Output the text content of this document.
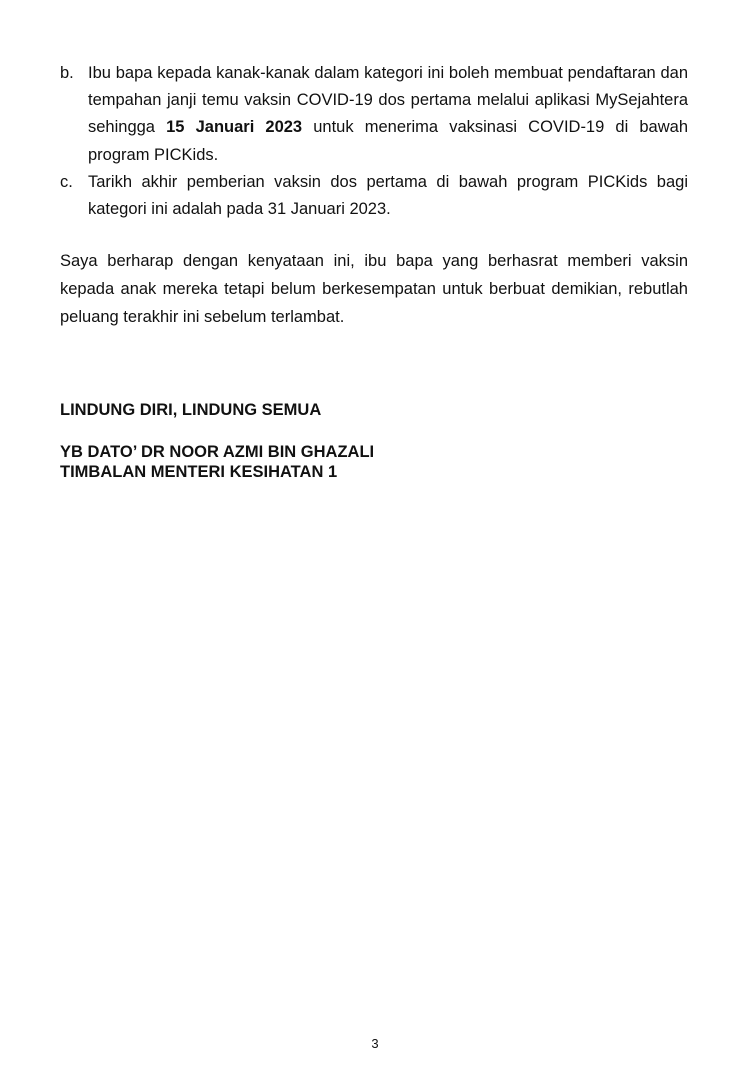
b. Ibu bapa kepada kanak-kanak dalam kategori ini boleh membuat pendaftaran dan tempahan janji temu vaksin COVID-19 dos pertama melalui aplikasi MySejahtera sehingga 15 Januari 2023 untuk menerima vaksinasi COVID-19 di bawah program PICKids.
c. Tarikh akhir pemberian vaksin dos pertama di bawah program PICKids bagi kategori ini adalah pada 31 Januari 2023.

Saya berharap dengan kenyataan ini, ibu bapa yang berhasrat memberi vaksin kepada anak mereka tetapi belum berkesempatan untuk berbuat demikian, rebutlah peluang terakhir ini sebelum terlambat.

LINDUNG DIRI, LINDUNG SEMUA

YB DATO’ DR NOOR AZMI BIN GHAZALI

TIMBALAN MENTERI KESIHATAN 1

3
